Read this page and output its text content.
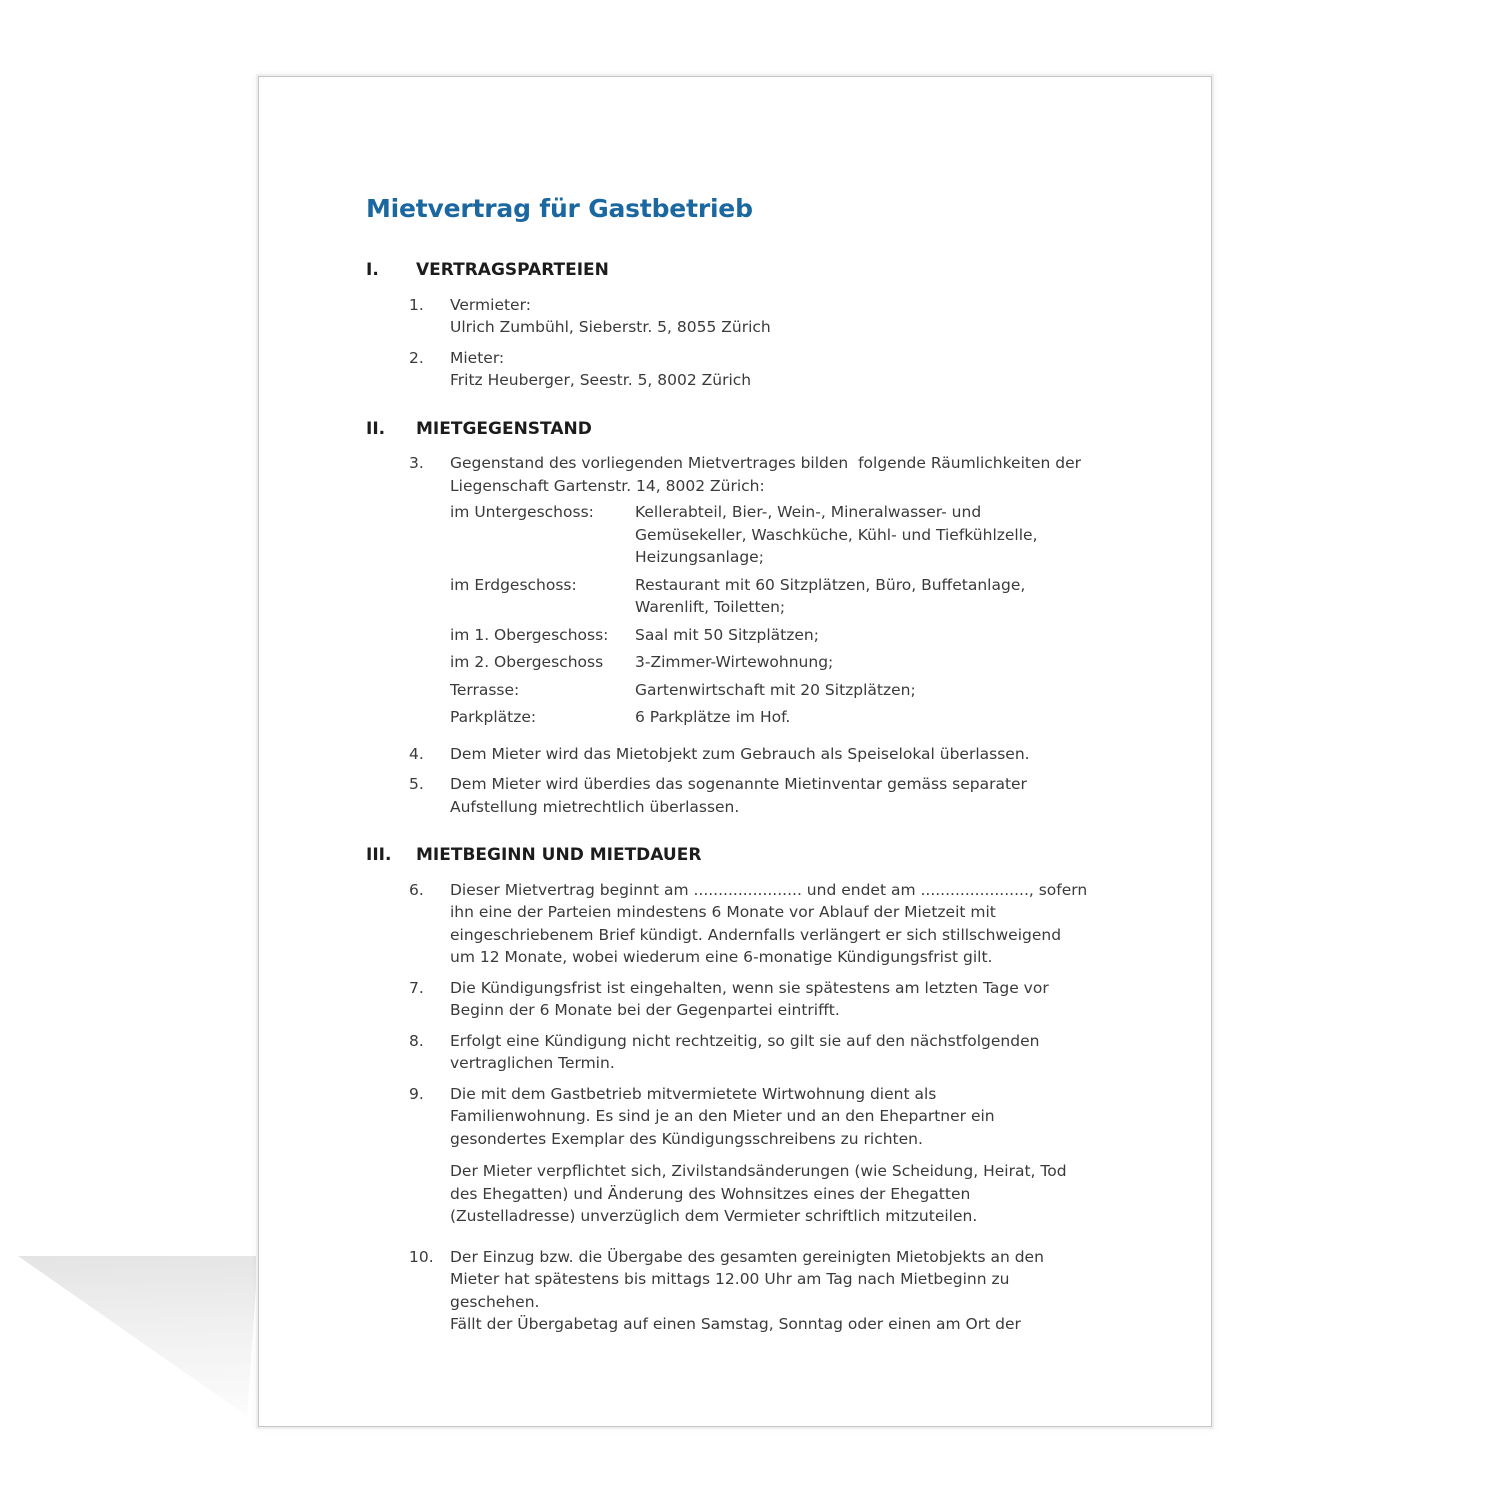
Mietvertrag für Gastbetrieb
I.	VERTRAGSPARTEIEN
1.	Vermieter:
Ulrich Zumbühl, Sieberstr. 5, 8055 Zürich
2.	Mieter:
Fritz Heuberger, Seestr. 5, 8002 Zürich
II.	MIETGEGENSTAND
3.	Gegenstand des vorliegenden Mietvertrages bilden  folgende Räumlichkeiten der
Liegenschaft Gartenstr. 14, 8002 Zürich:
im Untergeschoss:	Kellerabteil, Bier-, Wein-, Mineralwasser- und
Gemüsekeller, Waschküche, Kühl- und Tiefkühlzelle,
Heizungsanlage;
im Erdgeschoss:	Restaurant mit 60 Sitzplätzen, Büro, Buffetanlage,
Warenlift, Toiletten;
im 1. Obergeschoss:	Saal mit 50 Sitzplätzen;
im 2. Obergeschoss	3-Zimmer-Wirtewohnung;
Terrasse:	Gartenwirtschaft mit 20 Sitzplätzen;
Parkplätze:	6 Parkplätze im Hof.
4.	Dem Mieter wird das Mietobjekt zum Gebrauch als Speiselokal überlassen.
5.	Dem Mieter wird überdies das sogenannte Mietinventar gemäss separater
Aufstellung mietrechtlich überlassen.
III.	MIETBEGINN UND MIETDAUER
6.	Dieser Mietvertrag beginnt am ...................... und endet am ......................, sofern
ihn eine der Parteien mindestens 6 Monate vor Ablauf der Mietzeit mit
eingeschriebenem Brief kündigt. Andernfalls verlängert er sich stillschweigend
um 12 Monate, wobei wiederum eine 6-monatige Kündigungsfrist gilt.
7.	Die Kündigungsfrist ist eingehalten, wenn sie spätestens am letzten Tage vor
Beginn der 6 Monate bei der Gegenpartei eintrifft.
8.	Erfolgt eine Kündigung nicht rechtzeitig, so gilt sie auf den nächstfolgenden
vertraglichen Termin.
9.	Die mit dem Gastbetrieb mitvermietete Wirtwohnung dient als
Familienwohnung. Es sind je an den Mieter und an den Ehepartner ein
gesondertes Exemplar des Kündigungsschreibens zu richten.
Der Mieter verpflichtet sich, Zivilstandsänderungen (wie Scheidung, Heirat, Tod
des Ehegatten) und Änderung des Wohnsitzes eines der Ehegatten
(Zustelladresse) unverzüglich dem Vermieter schriftlich mitzuteilen.
10.	Der Einzug bzw. die Übergabe des gesamten gereinigten Mietobjekts an den
Mieter hat spätestens bis mittags 12.00 Uhr am Tag nach Mietbeginn zu
geschehen.
Fällt der Übergabetag auf einen Samstag, Sonntag oder einen am Ort der
